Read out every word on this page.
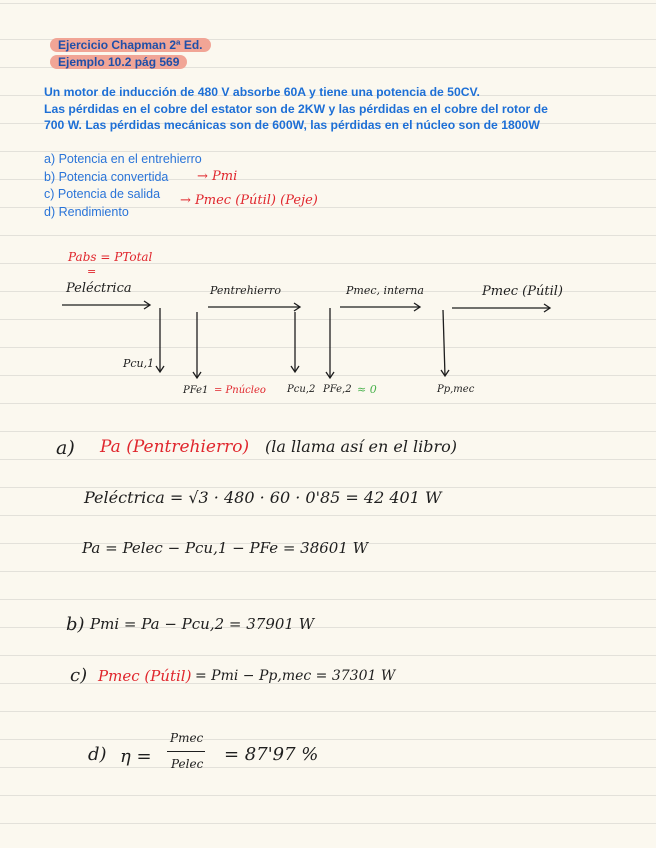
Ejercicio Chapman 2ª Ed.
Ejemplo 10.2 pág 569
Un motor de inducción de 480 V absorbe 60A y tiene una potencia de 50CV.
Las pérdidas en el cobre del estator son de 2KW y las pérdidas en el cobre del rotor de
700 W. Las pérdidas mecánicas son de 600W, las pérdidas en el núcleo son de 1800W
a) Potencia en el entrehierro
b) Potencia convertida
c) Potencia de salida
d) Rendimiento
→ Pmi
→ Pmec (Pútil) (Peje)
Pabs = PTotal
=
Peléctrica	Pentrehierro	Pmec, interna	Pmec (Pútil)
Pcu,1
PFe1 = Pnúcleo Pcu,2 PFe,2 ≈ 0	Pp,mec
a) Pa (Pentrehierro) (la llama así en el libro)
Peléctrica = √3 · 480 · 60 · 0'85 = 42 401 W
Pa = Pelec − Pcu,1 − PFe = 38601 W
b) Pmi = Pa − Pcu,2 = 37901 W
c) Pmec (Pútil) = Pmi − Pp,mec = 37301 W
d) η =
Pmec
Pelec = 87'97 %
